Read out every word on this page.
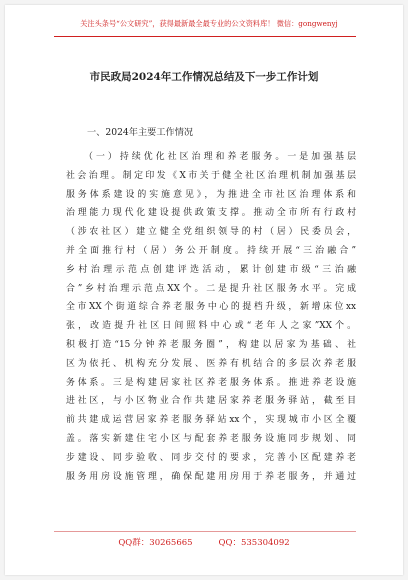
关注头条号“公文研究”，获得最新最全最专业的公文资料库！ 微信：gongwenyj
市民政局2024年工作情况总结及下一步工作计划
一、2024年主要工作情况
（一）持续优化社区治理和养老服务。一是加强基层
社会治理。制定印发《X市关于健全社区治理机制加强基层
服务体系建设的实施意见》，为推进全市社区治理体系和
治理能力现代化建设提供政策支撑。推动全市所有行政村
（涉农社区）建立健全党组织领导的村（居）民委员会，
并全面推行村（居）务公开制度。持续开展“三治融合”
乡村治理示范点创建评选活动，累计创建市级“三治融
合”乡村治理示范点XX个。二是提升社区服务水平。完成
全市XX个街道综合养老服务中心的提档升级，新增床位xx
张，改造提升社区日间照料中心或“老年人之家”XX个。
积极打造“15分钟养老服务圈”，构建以居家为基础、社
区为依托、机构充分发展、医养有机结合的多层次养老服
务体系。三是构建居家社区养老服务体系。推进养老设施
进社区，与小区物业合作共建居家养老服务驿站，截至目
前共建成运营居家养老服务驿站xx个，实现城市小区全覆
盖。落实新建住宅小区与配套养老服务设施同步规划、同
步建设、同步验收、同步交付的要求，完善小区配建养老
服务用房设施管理，确保配建用房用于养老服务，并通过
QQ群：30265665	QQ：535304092
